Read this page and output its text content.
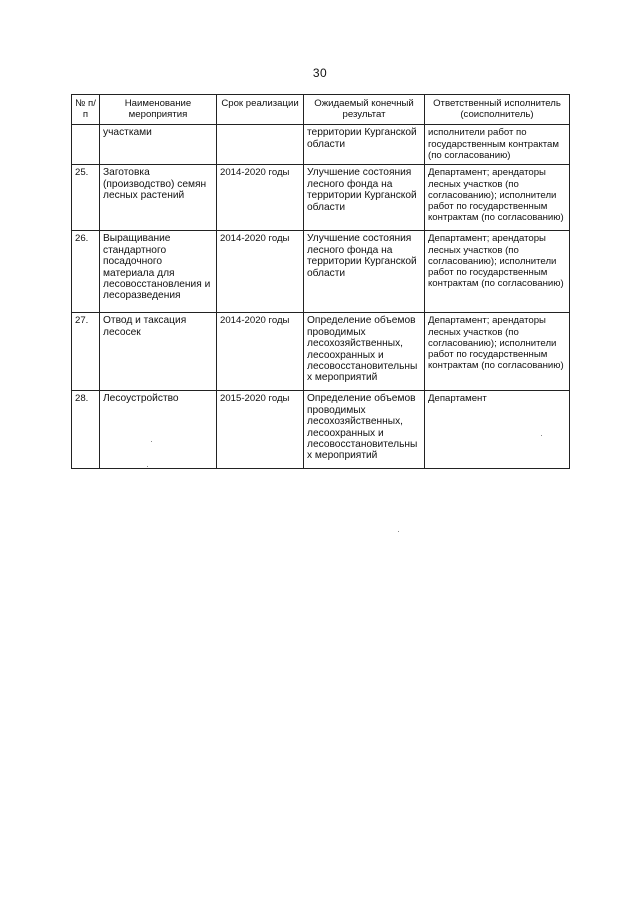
30
№ п/п	Наименование мероприятия	Срок реализации	Ожидаемый конечный результат	Ответственный исполнитель (соисполнитель)
	участками		территории Курганской области	исполнители работ по государственным контрактам (по согласованию)
25.	Заготовка (производство) семян лесных растений	2014-2020 годы	Улучшение состояния лесного фонда на территории Курганской области	Департамент; арендаторы лесных участков (по согласованию); исполнители работ по государственным контрактам (по согласованию)
26.	Выращивание стандартного посадочного материала для лесовосстановления и лесоразведения	2014-2020 годы	Улучшение состояния лесного фонда на территории Курганской области	Департамент; арендаторы лесных участков (по согласованию); исполнители работ по государственным контрактам (по согласованию)
27.	Отвод и таксация лесосек	2014-2020 годы	Определение объемов проводимых лесохозяйственных, лесоохранных и лесовосстановительных мероприятий	Департамент; арендаторы лесных участков (по согласованию); исполнители работ по государственным контрактам (по согласованию)
28.	Лесоустройство	2015-2020 годы	Определение объемов проводимых лесохозяйственных, лесоохранных и лесовосстановительных мероприятий	Департамент
